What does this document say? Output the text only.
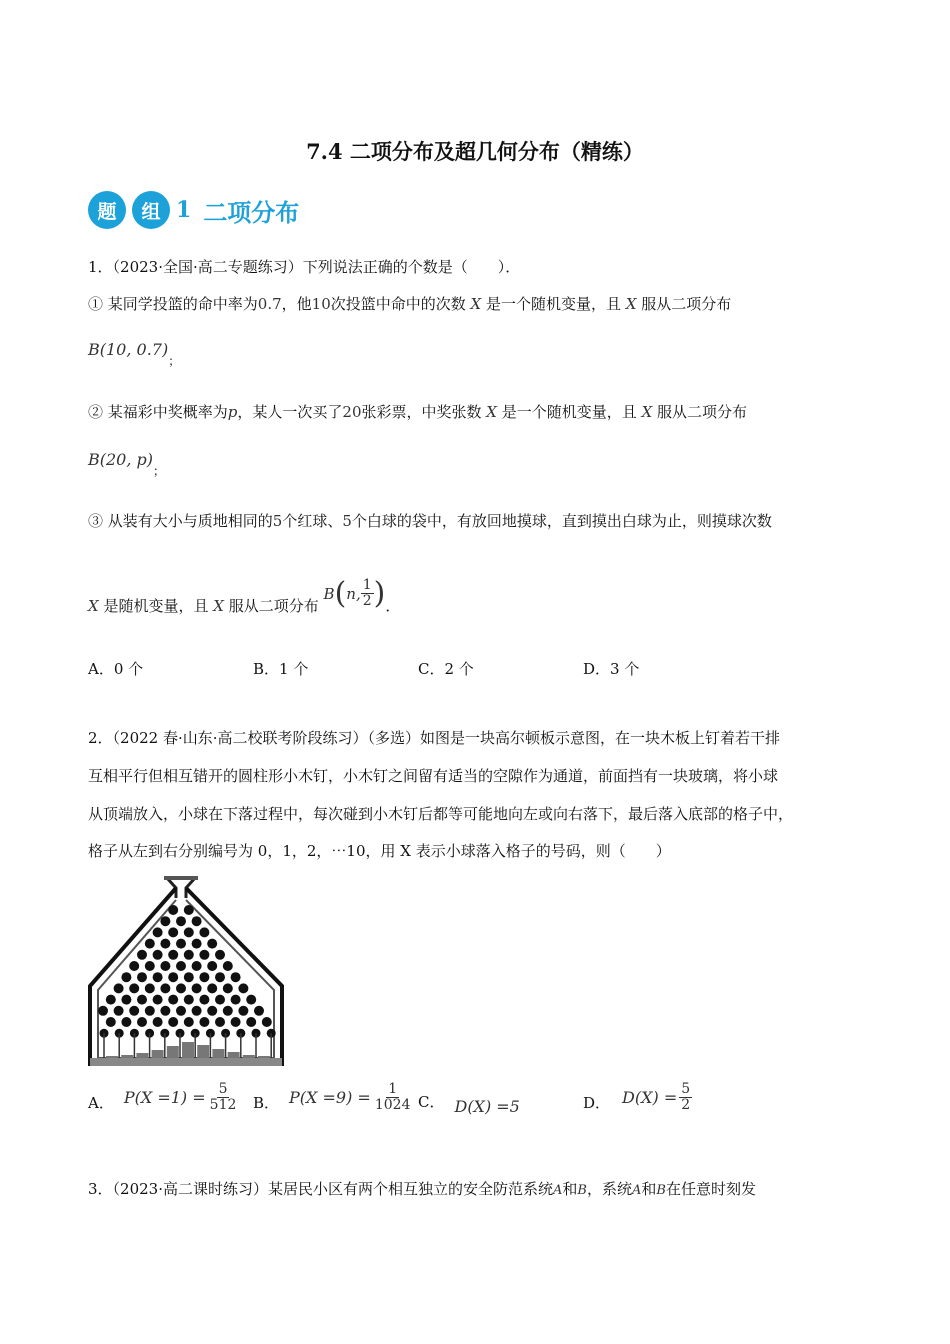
7.4 二项分布及超几何分布（精练）
题	组 1 二项分布
1．（2023·全国·高二专题练习）下列说法正确的个数是（　　）．
① 某同学投篮的命中率为0.7，他10次投篮中命中的次数 X 是一个随机变量，且 X 服从二项分布
B(10, $0.7)_;$
② 某福彩中奖概率为p，某人一次买了20张彩票，中奖张数 X 是一个随机变量，且 X 服从二项分布
B(20, $p)_;$
③ 从装有大小与质地相同的5个红球、5个白球的袋中，有放回地摸球，直到摸出白球为止，则摸球次数
X 是随机变量，且 X 服从二项分布
B ( n, $\frac{1}{2}$ ) ．
A．0 个	B．1 个	C．2 个	D．3 个
2．（2022 春·山东·高二校联考阶段练习）（多选）如图是一块高尔顿板示意图，在一块木板上钉着若干排
互相平行但相互错开的圆柱形小木钉，小木钉之间留有适当的空隙作为通道，前面挡有一块玻璃，将小球
从顶端放入，小球在下落过程中，每次碰到小木钉后都等可能地向左或向右落下，最后落入底部的格子中，
格子从左到右分别编号为 0，1，2，⋯10，用 X 表示小球落入格子的号码，则（　　）
A． $P(X =1) = \frac{5}{512}$ B． $P(X =9) = \frac{1}{1024}$ C． D(X) =5	D． $D(X) = \frac{5}{2}$
3．（2023·高二课时练习）某居民小区有两个相互独立的安全防范系统A和B，系统A和B在任意时刻发
